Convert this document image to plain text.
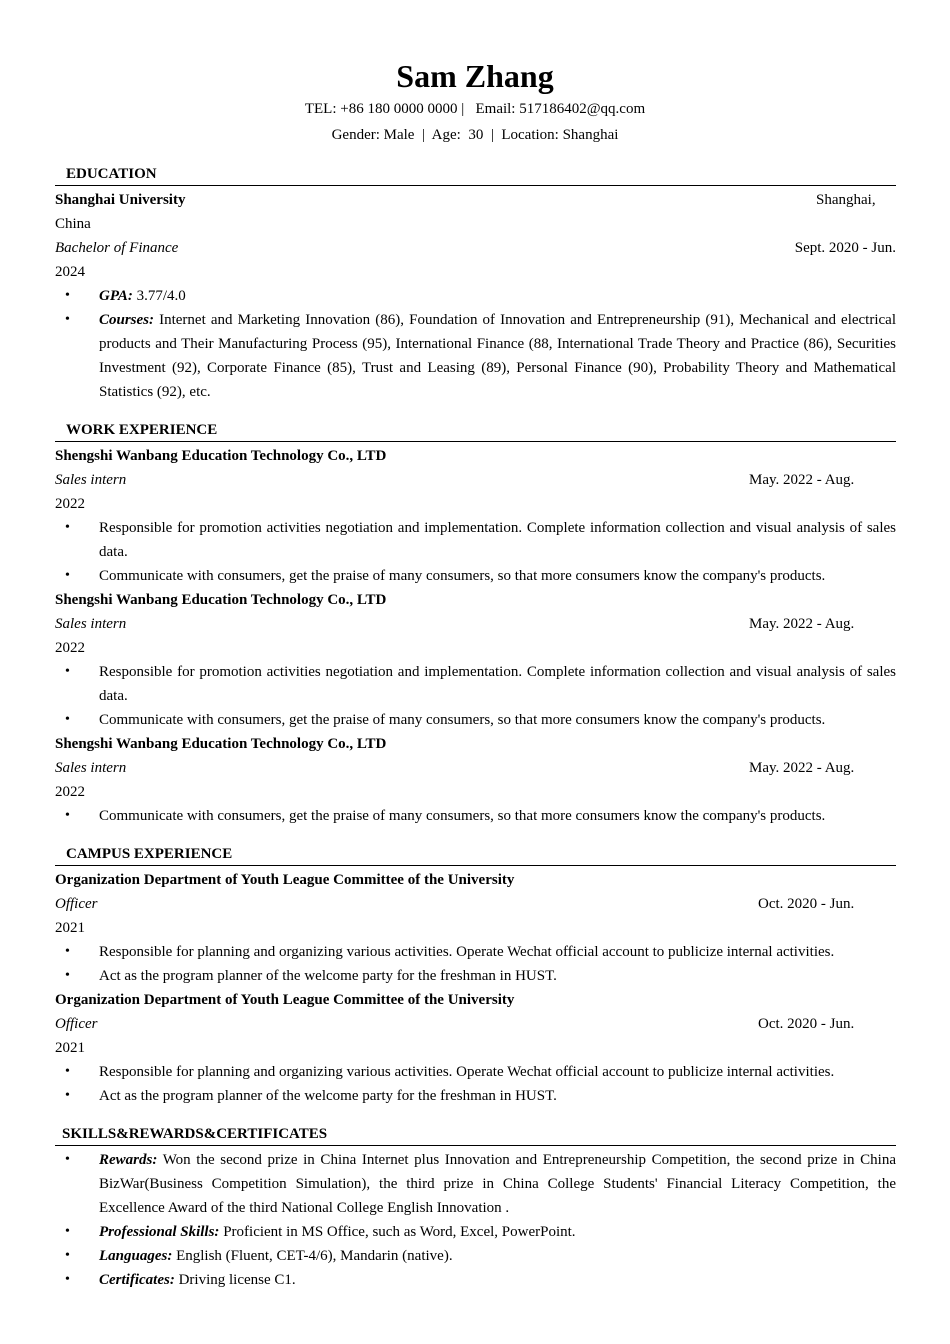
Sam Zhang
TEL: +86 180 0000 0000 | Email: 517186402@qq.com
Gender: Male | Age:  30 | Location: Shanghai
EDUCATION
Shanghai University	Shanghai,
China
Bachelor of Finance	Sept. 2020 - Jun.
2024
• GPA: 3.77/4.0
• Courses: Internet and Marketing Innovation (86), Foundation of Innovation and Entrepreneurship (91), Mechanical and electrical products and Their Manufacturing Process (95), International Finance (88, International Trade Theory and Practice (86), Securities Investment (92), Corporate Finance (85), Trust and Leasing (89), Personal Finance (90), Probability Theory and Mathematical Statistics (92), etc.
WORK EXPERIENCE
Shengshi Wanbang Education Technology Co., LTD
Sales intern	May. 2022 - Aug.
2022
• Responsible for promotion activities negotiation and implementation. Complete information collection and visual analysis of sales data.
• Communicate with consumers, get the praise of many consumers, so that more consumers know the company's products.
Shengshi Wanbang Education Technology Co., LTD
Sales intern	May. 2022 - Aug.
2022
• Responsible for promotion activities negotiation and implementation. Complete information collection and visual analysis of sales data.
• Communicate with consumers, get the praise of many consumers, so that more consumers know the company's products.
Shengshi Wanbang Education Technology Co., LTD
Sales intern	May. 2022 - Aug.
2022
• Communicate with consumers, get the praise of many consumers, so that more consumers know the company's products.
CAMPUS EXPERIENCE
Organization Department of Youth League Committee of the University
Officer	Oct. 2020 - Jun.
2021
• Responsible for planning and organizing various activities. Operate Wechat official account to publicize internal activities.
• Act as the program planner of the welcome party for the freshman in HUST.
Organization Department of Youth League Committee of the University
Officer	Oct. 2020 - Jun.
2021
• Responsible for planning and organizing various activities. Operate Wechat official account to publicize internal activities.
• Act as the program planner of the welcome party for the freshman in HUST.
SKILLS&REWARDS&CERTIFICATES
• Rewards: Won the second prize in China Internet plus Innovation and Entrepreneurship Competition, the second prize in China BizWar(Business Competition Simulation), the third prize in China College Students' Financial Literacy Competition, the Excellence Award of the third National College English Innovation .
• Professional Skills: Proficient in MS Office, such as Word, Excel, PowerPoint.
• Languages: English (Fluent, CET-4/6), Mandarin (native).
• Certificates: Driving license C1.
